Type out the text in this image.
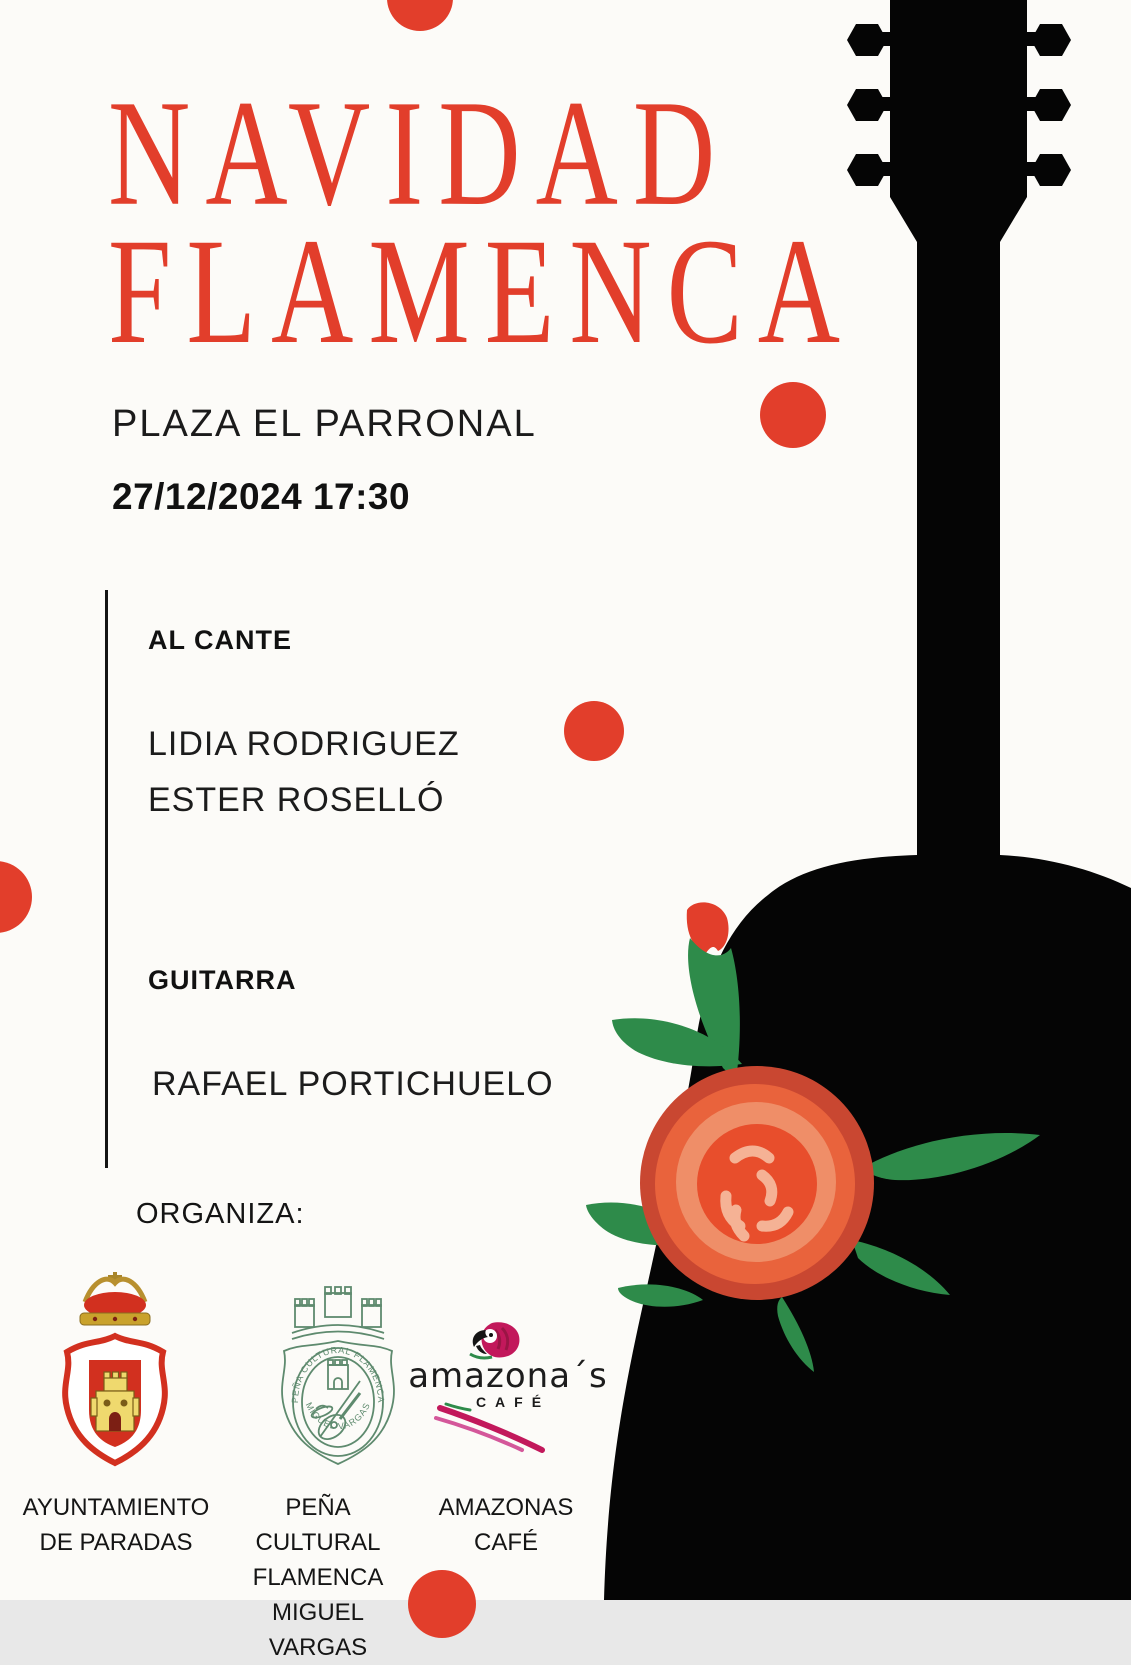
NAVIDAD
FLAMENCA
PLAZA EL PARRONAL
27/12/2024 17:30
AL CANTE
LIDIA RODRIGUEZ
ESTER ROSELLÓ
GUITARRA
RAFAEL PORTICHUELO
ORGANIZA:
PEÑA CULTURAL FLAMENCA
MIGUEL VARGAS
amazona´s
CAFÉ
AYUNTAMIENTO
DE PARADAS
PEÑA CULTURAL
FLAMENCA
MIGUEL VARGAS
AMAZONAS
CAFÉ
